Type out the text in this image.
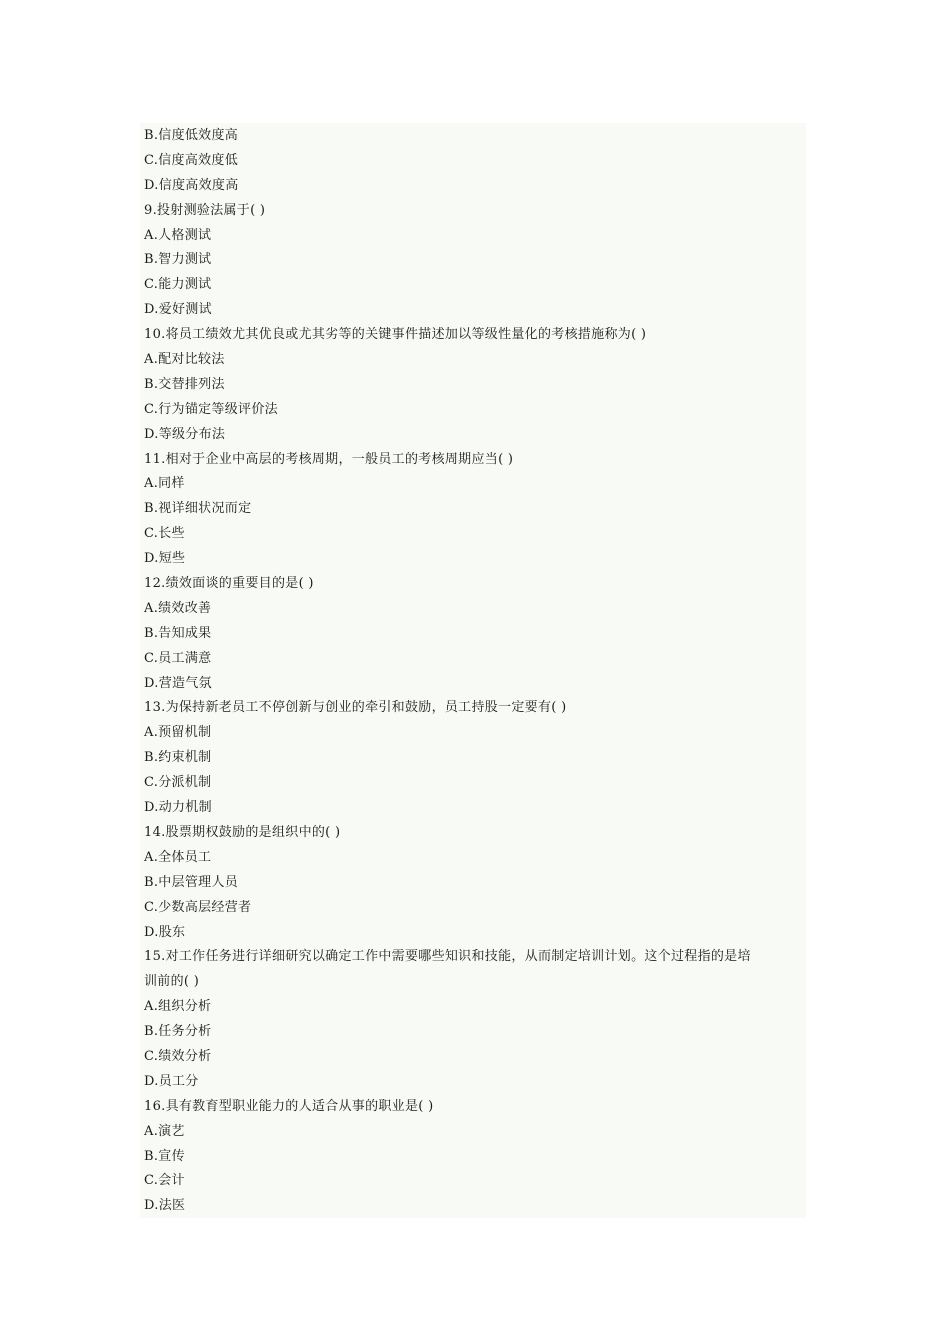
B.信度低效度高
C.信度高效度低
D.信度高效度高
9.投射测验法属于( )
A.人格测试
B.智力测试
C.能力测试
D.爱好测试
10.将员工绩效尤其优良或尤其劣等的关键事件描述加以等级性量化的考核措施称为( )
A.配对比较法
B.交替排列法
C.行为锚定等级评价法
D.等级分布法
11.相对于企业中高层的考核周期，一般员工的考核周期应当( )
A.同样
B.视详细状况而定
C.长些
D.短些
12.绩效面谈的重要目的是( )
A.绩效改善
B.告知成果
C.员工满意
D.营造气氛
13.为保持新老员工不停创新与创业的牵引和鼓励，员工持股一定要有( )
A.预留机制
B.约束机制
C.分派机制
D.动力机制
14.股票期权鼓励的是组织中的( )
A.全体员工
B.中层管理人员
C.少数高层经营者
D.股东
15.对工作任务进行详细研究以确定工作中需要哪些知识和技能，从而制定培训计划。这个过程指的是培
训前的( )
A.组织分析
B.任务分析
C.绩效分析
D.员工分
16.具有教育型职业能力的人适合从事的职业是( )
A.演艺
B.宣传
C.会计
D.法医
